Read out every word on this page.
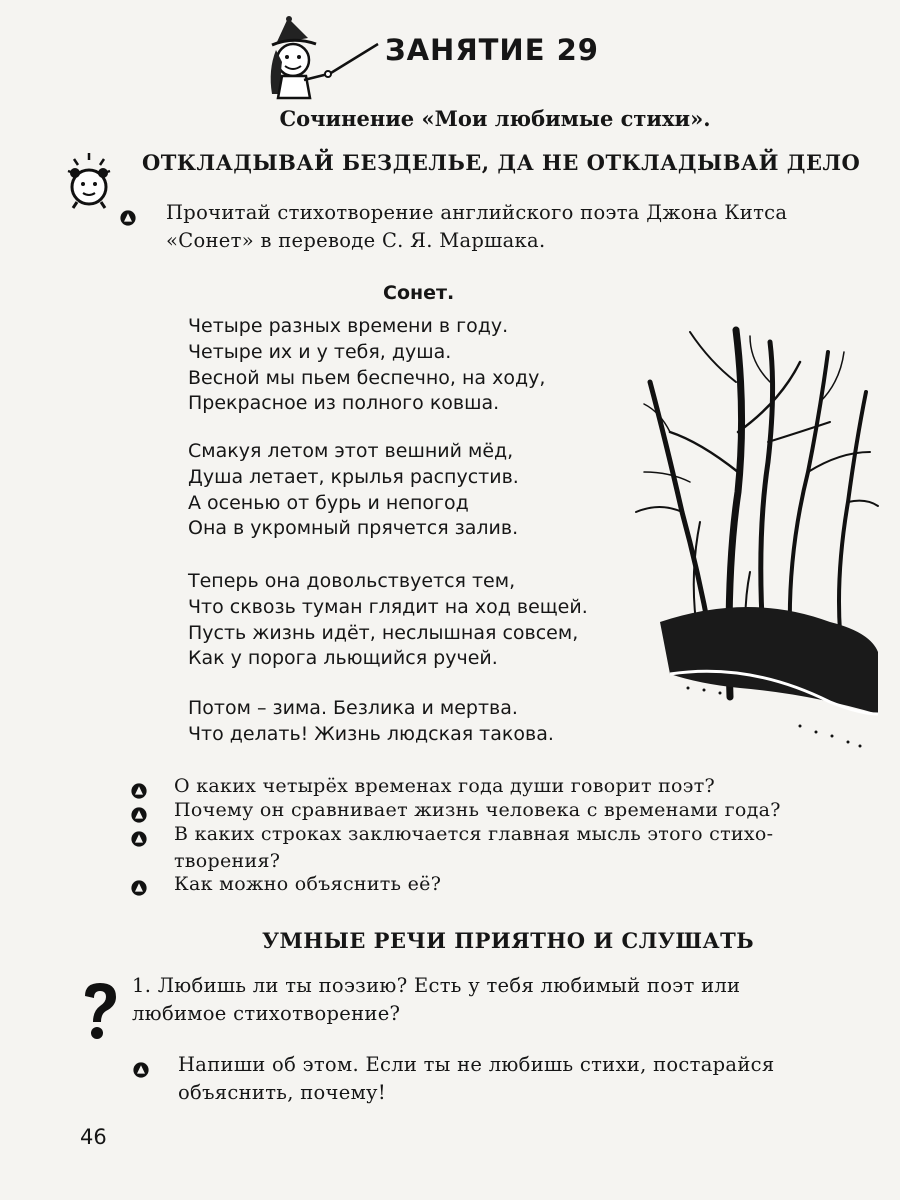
ЗАНЯТИЕ 29
Сочинение «Мои любимые стихи».
ОТКЛАДЫВАЙ БЕЗДЕЛЬЕ, ДА НЕ ОТКЛАДЫВАЙ ДЕЛО
Прочитай стихотворение английского поэта Джона Китса
«Сонет» в переводе С. Я. Маршака.
Сонет.
Четыре разных времени в году.
Четыре их и у тебя, душа.
Весной мы пьем беспечно, на ходу,
Прекрасное из полного ковша.
Смакуя летом этот вешний мёд,
Душа летает, крылья распустив.
А осенью от бурь и непогод
Она в укромный прячется залив.
Теперь она довольствуется тем,
Что сквозь туман глядит на ход вещей.
Пусть жизнь идёт, неслышная совсем,
Как у порога льющийся ручей.
Потом – зима. Безлика и мертва.
Что делать! Жизнь людская такова.
О каких четырёх временах года души говорит поэт?
Почему он сравнивает жизнь человека с временами года?
В каких строках заключается главная мысль этого стихо-
творения?
Как можно объяснить её?
УМНЫЕ РЕЧИ ПРИЯТНО И СЛУШАТЬ
1. Любишь ли ты поэзию? Есть у тебя любимый поэт или
любимое стихотворение?
Напиши об этом. Если ты не любишь стихи, постарайся
объяснить, почему!
46
